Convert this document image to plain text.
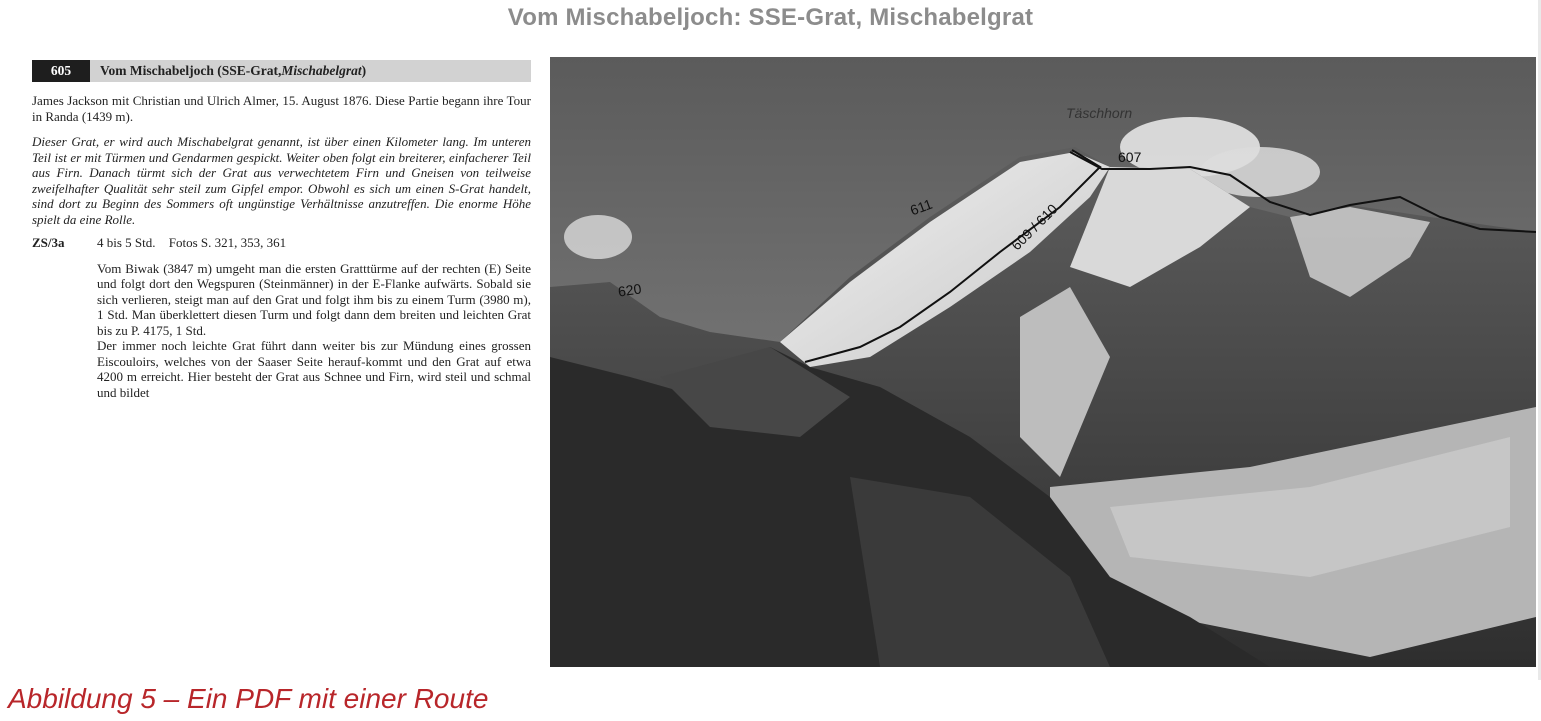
Vom Mischabeljoch: SSE-Grat, Mischabelgrat
605	Vom Mischabeljoch (SSE-Grat, Mischabelgrat )

James Jackson mit Christian und Ulrich Almer, 15. August 1876. Diese Partie begann ihre Tour in Randa (1439 m).

Dieser Grat, er wird auch Mischabelgrat genannt, ist über einen Kilometer lang. Im unteren Teil ist er mit Türmen und Gendarmen gespickt. Weiter oben folgt ein breiterer, einfacherer Teil aus Firn. Danach türmt sich der Grat aus verwechtetem Firn und Gneisen von teilweise zweifelhafter Qualität sehr steil zum Gipfel empor. Obwohl es sich um einen S-Grat handelt, sind dort zu Beginn des Sommers oft ungünstige Verhältnisse anzutreffen. Die enorme Höhe spielt da eine Rolle.

ZS/3a	4 bis 5 Std. Fotos S. 321, 353, 361
Vom Biwak (3847 m) umgeht man die ersten Gratttürme auf der rechten (E) Seite und folgt dort den Wegspuren (Steinmänner) in der E-Flanke aufwärts. Sobald sie sich verlieren, steigt man auf den Grat und folgt ihm bis zu einem Turm (3980 m), 1 Std. Man überklettert diesen Turm und folgt dann dem breiten und leichten Grat bis zu P. 4175, 1 Std.
Der immer noch leichte Grat führt dann weiter bis zur Mündung eines grossen Eiscouloirs, welches von der Saaser Seite herauf-kommt und den Grat auf etwa 4200 m erreicht. Hier besteht der Grat aus Schnee und Firn, wird steil und schmal und bildet
Täschhorn
607
611	609 / 610
620
Abbildung 5 – Ein PDF mit einer Route
